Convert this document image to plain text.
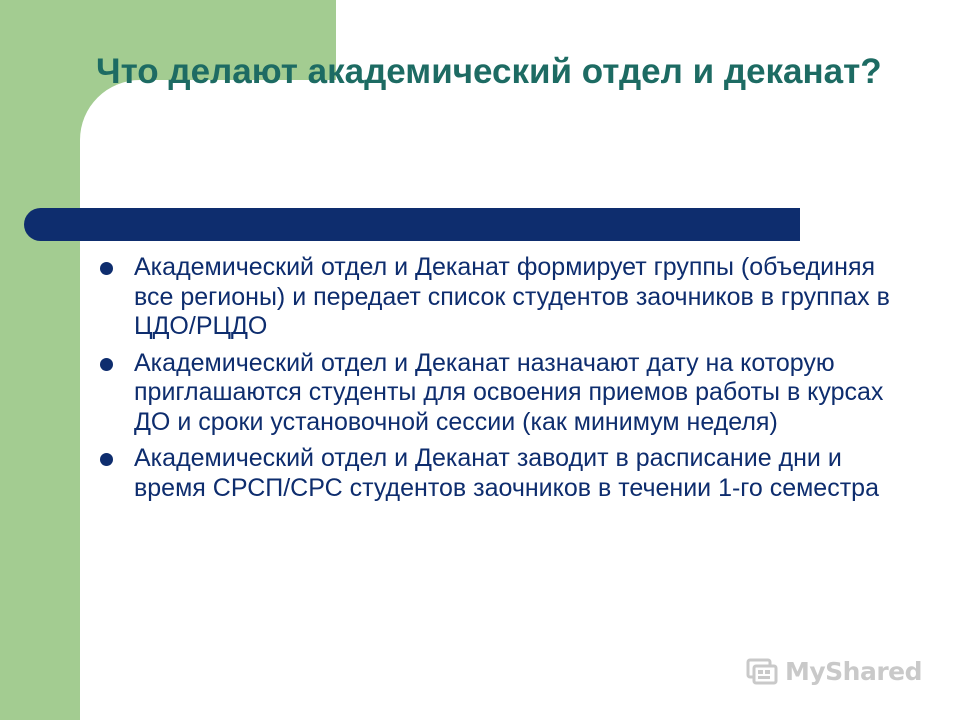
Что делают академический отдел и деканат?
Академический отдел и Деканат формирует группы (объединяя все регионы) и передает список студентов заочников в группах в ЦДО/РЦДО
Академический отдел и Деканат назначают дату на которую приглашаются студенты для освоения приемов работы в курсах ДО и сроки установочной сессии (как минимум неделя)
Академический отдел и Деканат заводит в расписание дни и время СРСП/СРС студентов заочников в течении 1-го семестра
MyShared
